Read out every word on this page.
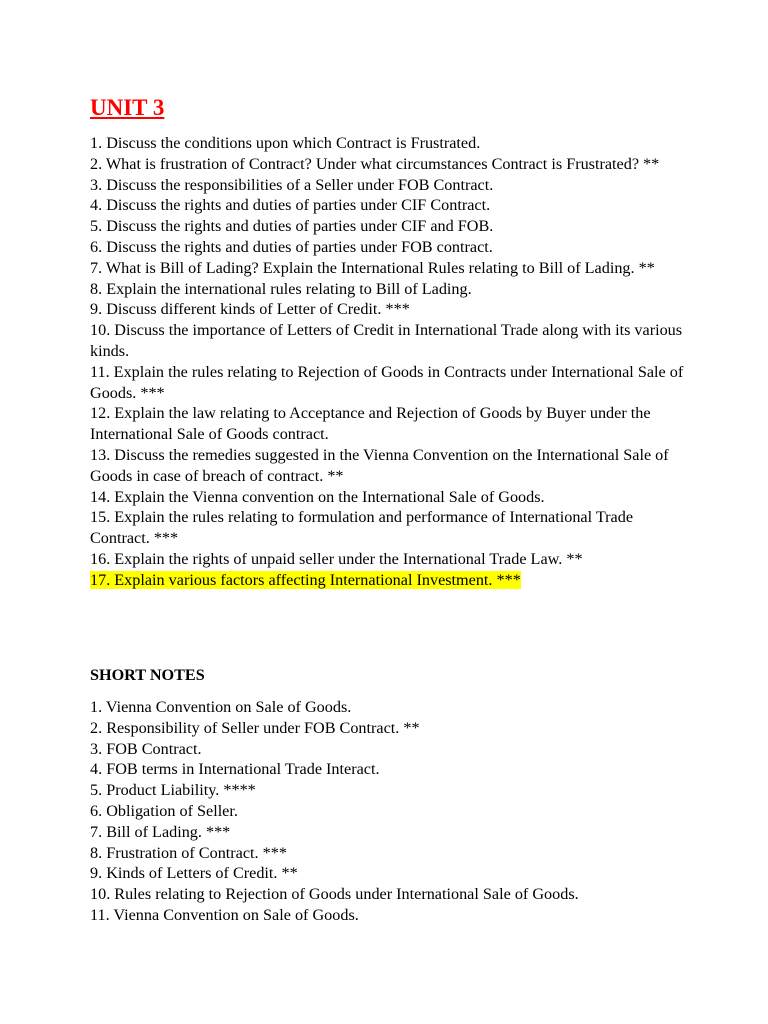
UNIT 3
1. Discuss the conditions upon which Contract is Frustrated.
2. What is frustration of Contract? Under what circumstances Contract is Frustrated? **
3. Discuss the responsibilities of a Seller under FOB Contract.
4. Discuss the rights and duties of parties under CIF Contract.
5. Discuss the rights and duties of parties under CIF and FOB.
6. Discuss the rights and duties of parties under FOB contract.
7. What is Bill of Lading? Explain the International Rules relating to Bill of Lading. **
8. Explain the international rules relating to Bill of Lading.
9. Discuss different kinds of Letter of Credit. ***
10. Discuss the importance of Letters of Credit in International Trade along with its various kinds.
11. Explain the rules relating to Rejection of Goods in Contracts under International Sale of Goods. ***
12. Explain the law relating to Acceptance and Rejection of Goods by Buyer under the International Sale of Goods contract.
13. Discuss the remedies suggested in the Vienna Convention on the International Sale of Goods in case of breach of contract. **
14. Explain the Vienna convention on the International Sale of Goods.
15. Explain the rules relating to formulation and performance of International Trade Contract. ***
16. Explain the rights of unpaid seller under the International Trade Law. **
17. Explain various factors affecting International Investment. ***
SHORT NOTES
1. Vienna Convention on Sale of Goods.
2. Responsibility of Seller under FOB Contract. **
3. FOB Contract.
4. FOB terms in International Trade Interact.
5. Product Liability. ****
6. Obligation of Seller.
7. Bill of Lading. ***
8. Frustration of Contract. ***
9. Kinds of Letters of Credit. **
10. Rules relating to Rejection of Goods under International Sale of Goods.
11. Vienna Convention on Sale of Goods.
